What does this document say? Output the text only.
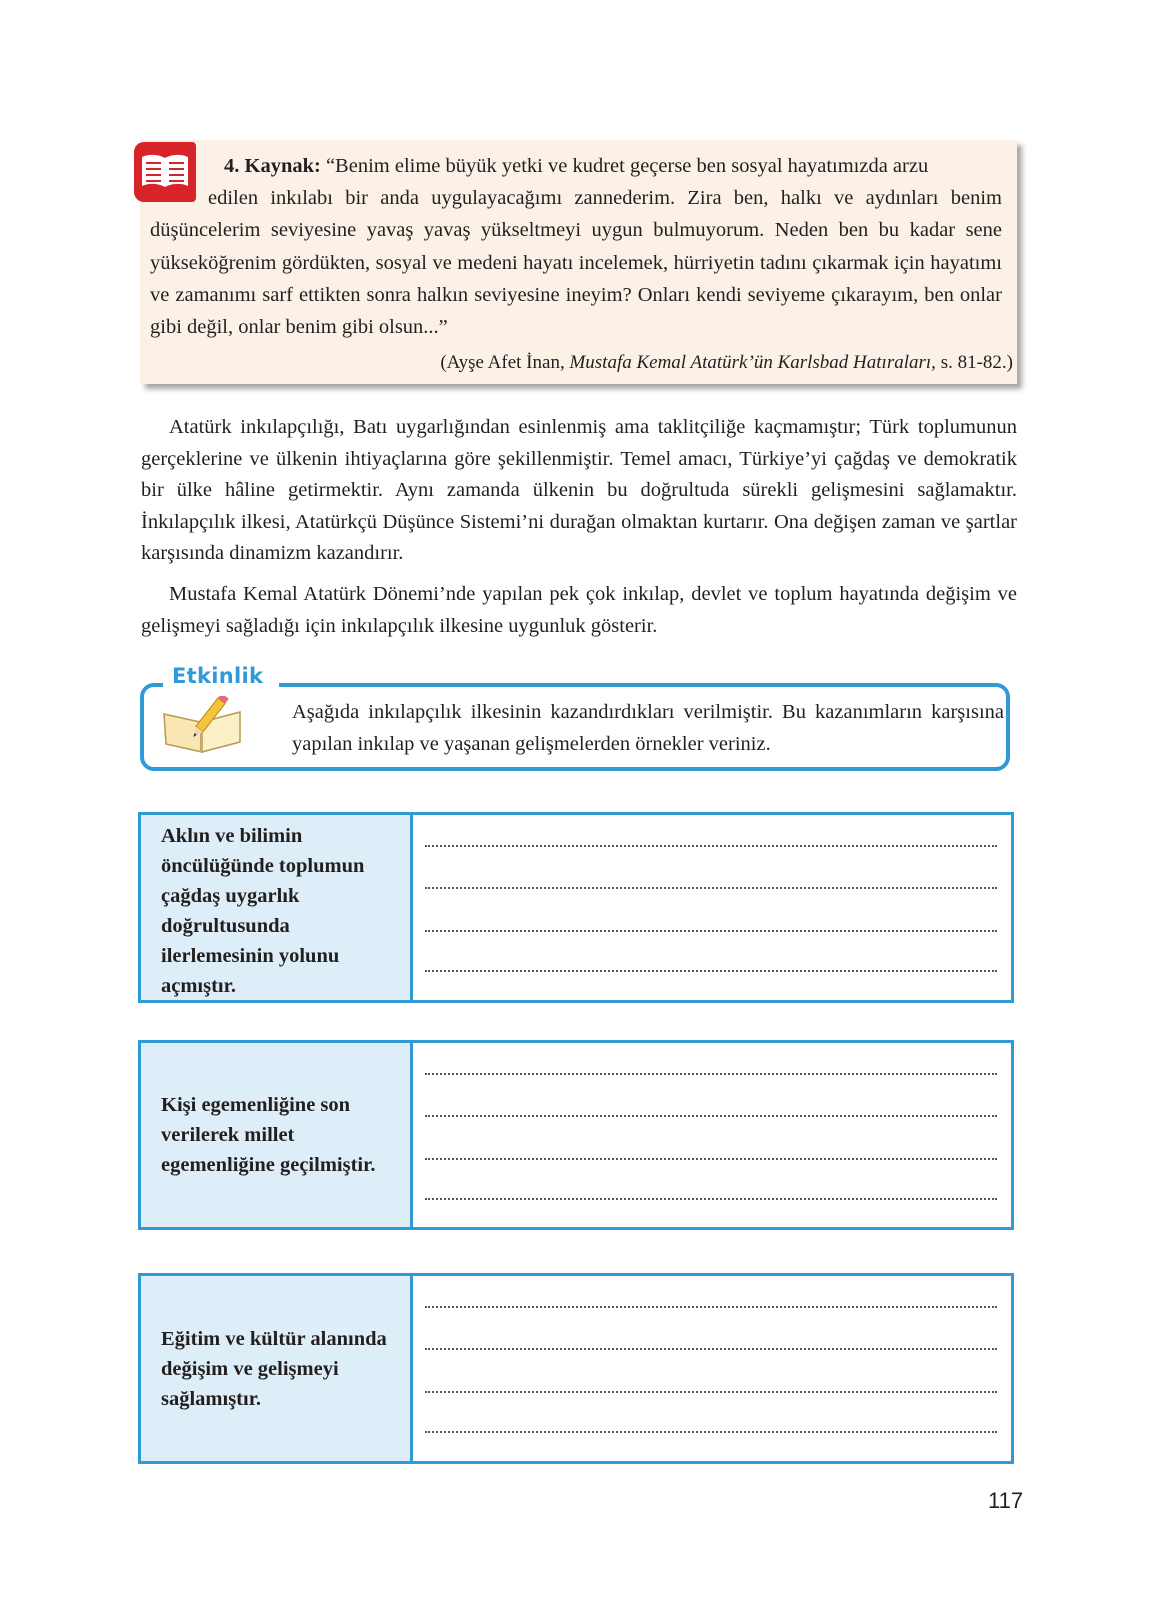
4. Kaynak: “Benim elime büyük yetki ve kudret geçerse ben sosyal hayatımızda arzu
edilen inkılabı bir anda uygulayacağımı zannederim. Zira ben, halkı ve aydınları benim düşüncelerim seviyesine yavaş yavaş yükseltmeyi uygun bulmuyorum. Neden ben bu kadar sene yükseköğrenim gördükten, sosyal ve medeni hayatı incelemek, hürriyetin tadını çıkarmak için hayatımı ve zamanımı sarf ettikten sonra halkın seviyesine ineyim? Onları kendi seviyeme çıkarayım, ben onlar gibi değil, onlar benim gibi olsun...”
(Ayşe Afet İnan, Mustafa Kemal Atatürk’ün Karlsbad Hatıraları, s. 81-82.)

Atatürk inkılapçılığı, Batı uygarlığından esinlenmiş ama taklitçiliğe kaçmamıştır; Türk toplumunun gerçeklerine ve ülkenin ihtiyaçlarına göre şekillenmiştir. Temel amacı, Türkiye’yi çağdaş ve demokratik bir ülke hâline getirmektir. Aynı zamanda ülkenin bu doğrultuda sürekli gelişmesini sağlamaktır. İnkılapçılık ilkesi, Atatürkçü Düşünce Sistemi’ni durağan olmaktan kurtarır. Ona değişen zaman ve şartlar karşısında dinamizm kazandırır.

Mustafa Kemal Atatürk Dönemi’nde yapılan pek çok inkılap, devlet ve toplum hayatında değişim ve gelişmeyi sağladığı için inkılapçılık ilkesine uygunluk gösterir.

Etkinlik
Aşağıda inkılapçılık ilkesinin kazandırdıkları verilmiştir. Bu kazanımların karşısına yapılan inkılap ve yaşanan gelişmelerden örnekler veriniz.
Aklın ve bilimin öncülüğünde toplumun çağdaş uygarlık doğrultusunda ilerlemesinin yolunu açmıştır.
Kişi egemenliğine son verilerek millet egemenliğine geçilmiştir.
Eğitim ve kültür alanında değişim ve gelişmeyi sağlamıştır.
117
